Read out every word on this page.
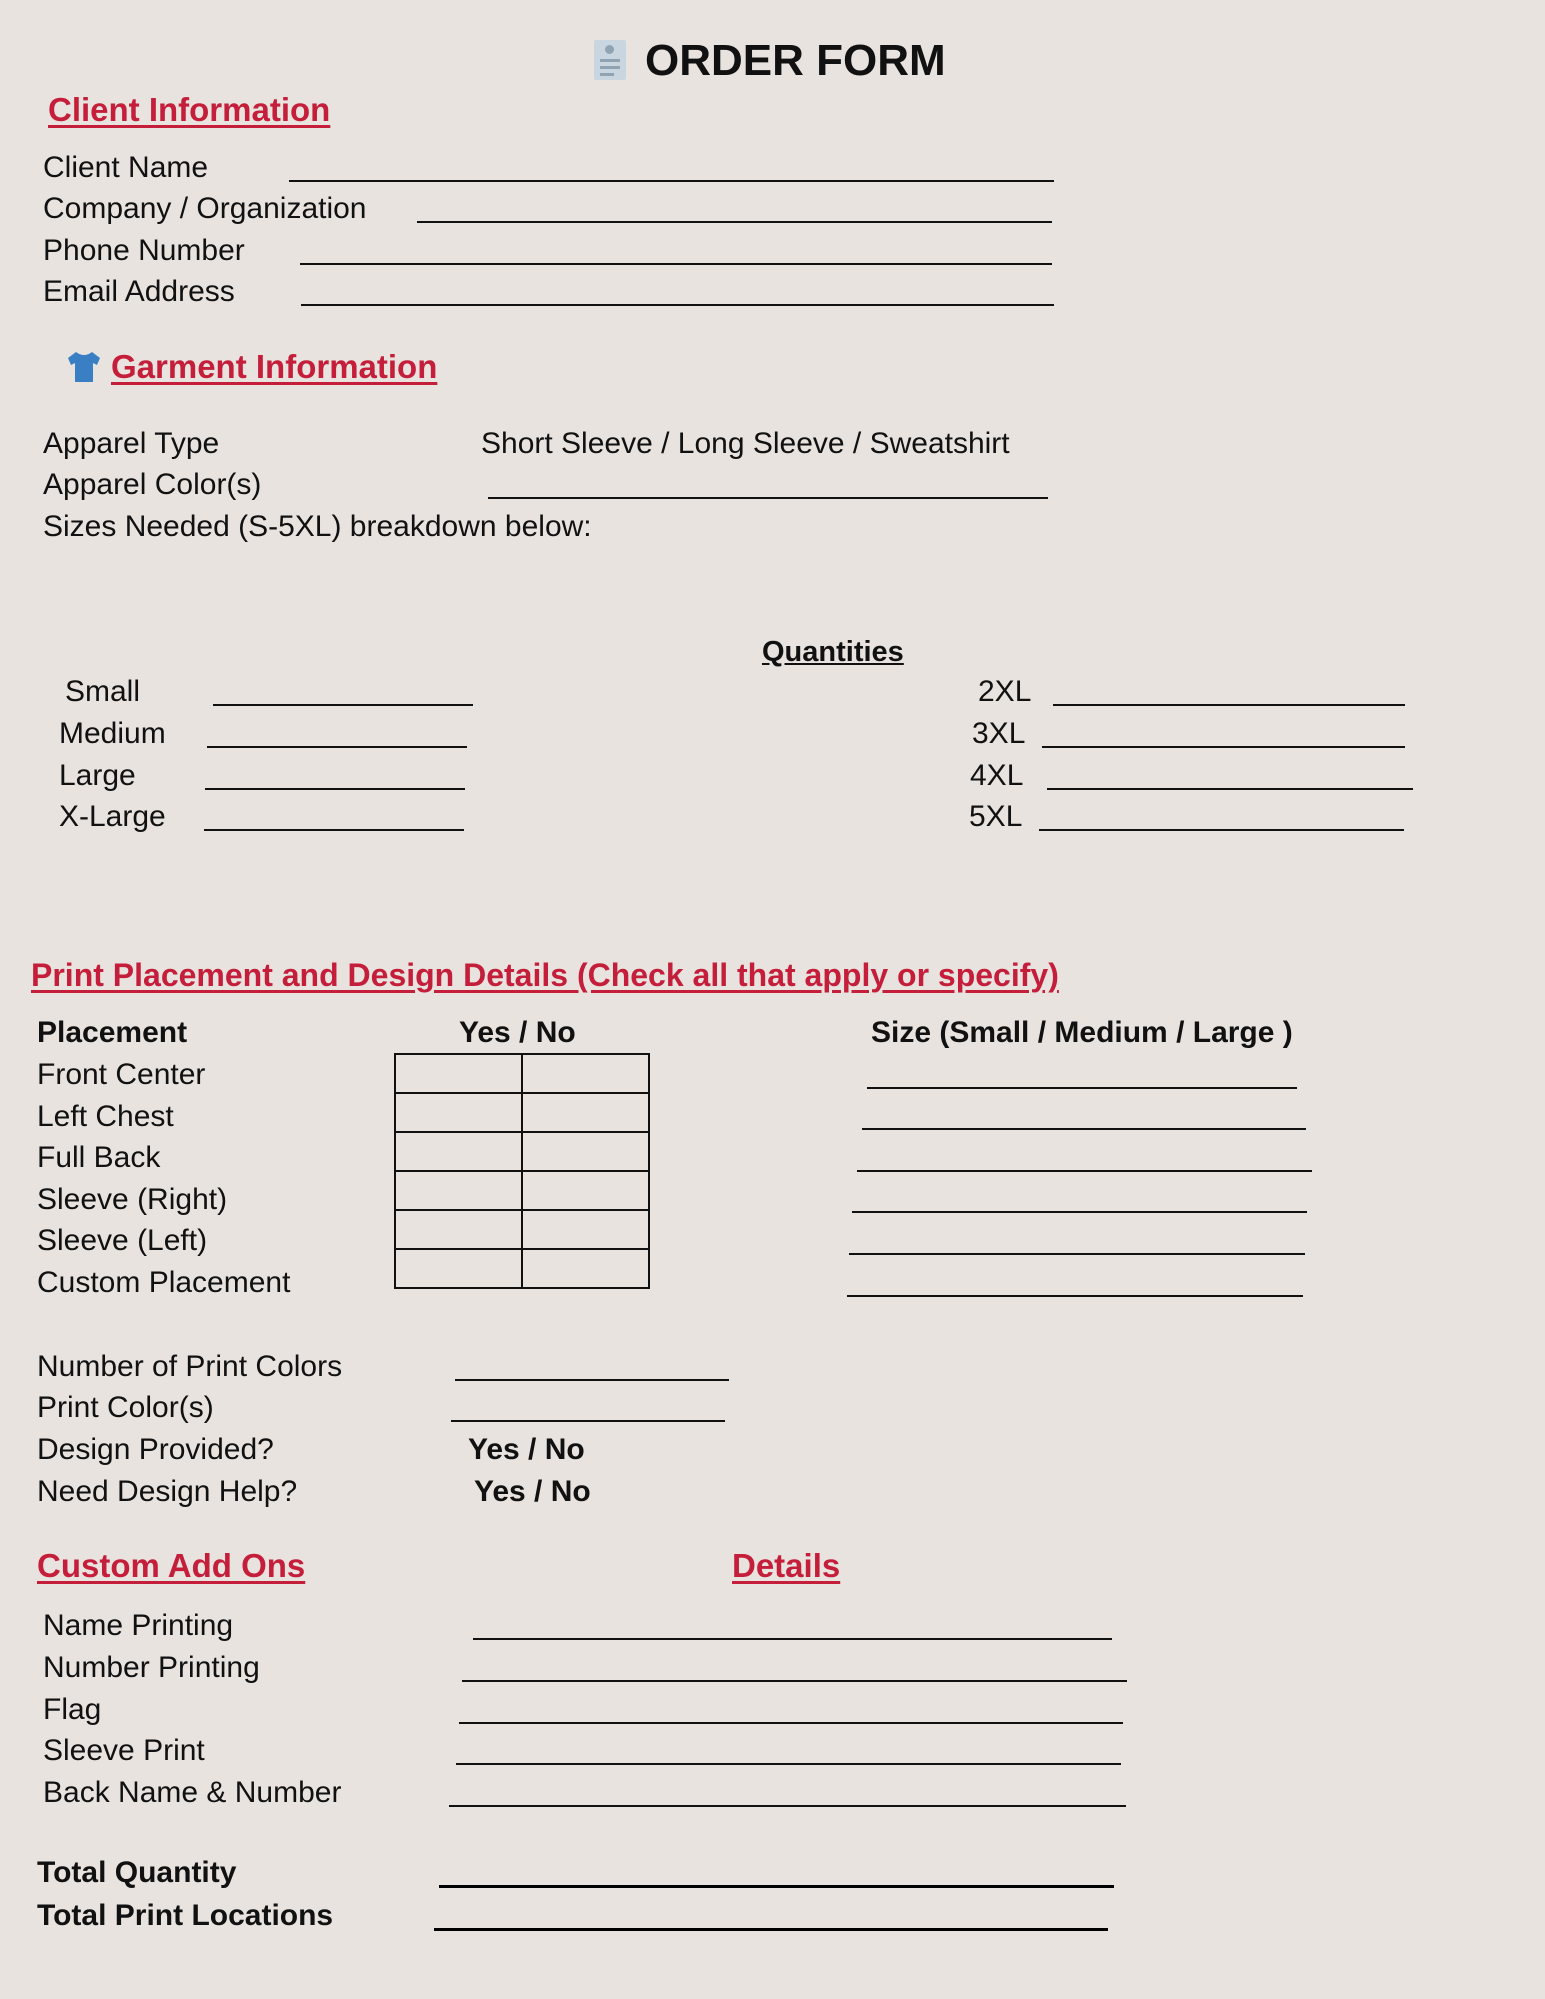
ORDER FORM
Client Information
Client Name
Company / Organization
Phone Number
Email Address
Garment Information
Apparel Type	Short Sleeve / Long Sleeve / Sweatshirt
Apparel Color(s)
Sizes Needed (S-5XL) breakdown below:
Quantities
Small
Medium
Large
X-Large
2XL
3XL
4XL
5XL
Print Placement and Design Details (Check all that apply or specify)
Placement	Yes / No	Size (Small / Medium / Large )
Front Center
Left Chest
Full Back
Sleeve (Right)
Sleeve (Left)
Custom Placement

Number of Print Colors
Print Color(s)
Design Provided?	Yes / No
Need Design Help?	Yes / No
Custom Add Ons	Details
Name Printing
Number Printing
Flag
Sleeve Print
Back Name & Number
Total Quantity
Total Print Locations
